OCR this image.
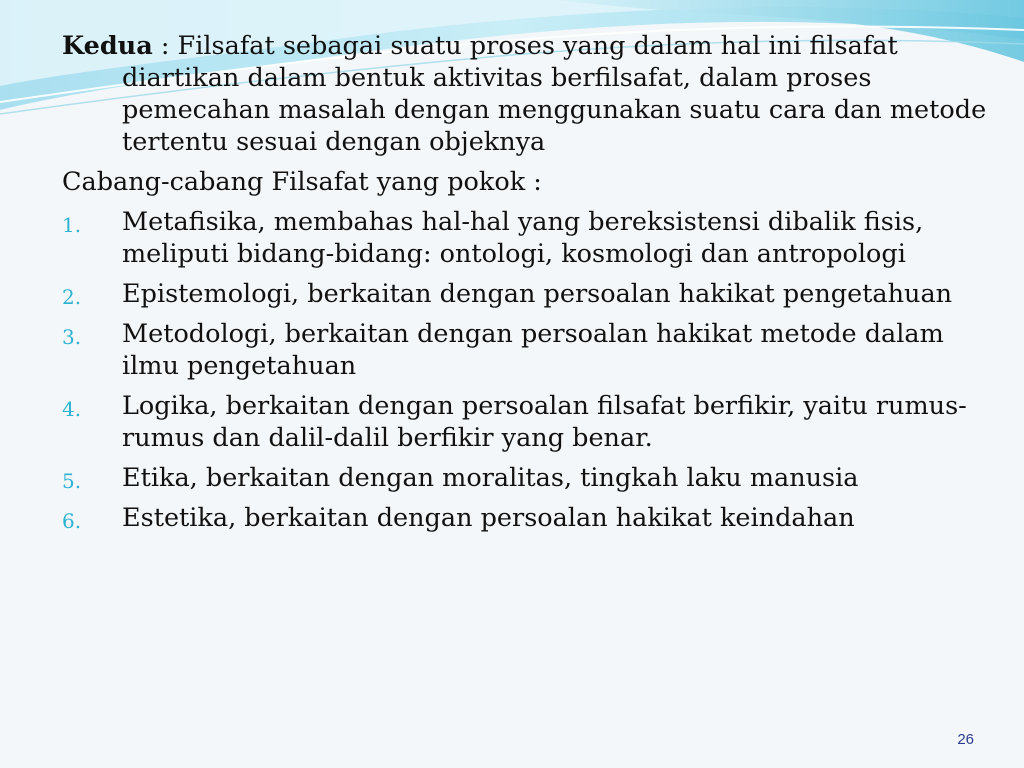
Kedua : Filsafat sebagai suatu proses yang dalam hal ini filsafat diartikan dalam bentuk aktivitas berfilsafat, dalam proses pemecahan masalah dengan menggunakan suatu cara dan metode tertentu sesuai dengan objeknya

Cabang-cabang Filsafat yang pokok :

1. Metafisika, membahas hal-hal yang bereksistensi dibalik fisis, meliputi bidang-bidang: ontologi, kosmologi dan antropologi
2. Epistemologi, berkaitan dengan persoalan hakikat pengetahuan
3. Metodologi, berkaitan dengan persoalan hakikat metode dalam ilmu pengetahuan
4. Logika, berkaitan dengan persoalan filsafat berfikir, yaitu rumus-rumus dan dalil-dalil berfikir yang benar.
5. Etika, berkaitan dengan moralitas, tingkah laku manusia
6. Estetika, berkaitan dengan persoalan hakikat keindahan
26
